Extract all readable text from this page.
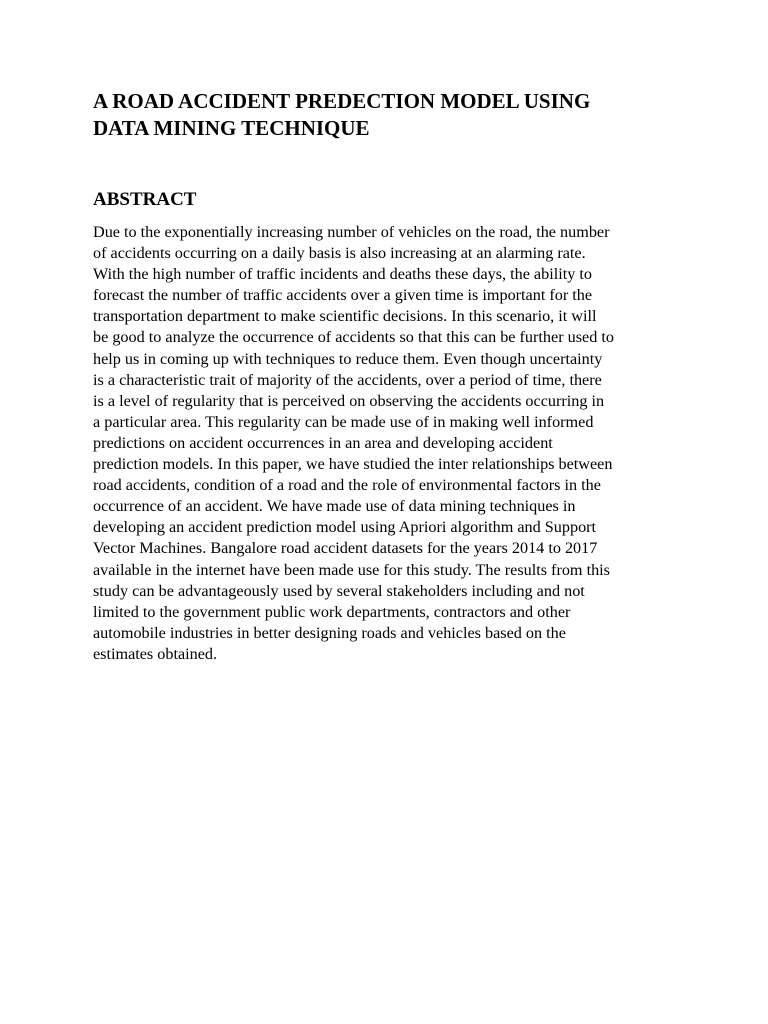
A ROAD ACCIDENT PREDECTION MODEL USING
DATA MINING TECHNIQUE
ABSTRACT

Due to the exponentially increasing number of vehicles on the road, the number
of accidents occurring on a daily basis is also increasing at an alarming rate.
With the high number of traffic incidents and deaths these days, the ability to
forecast the number of traffic accidents over a given time is important for the
transportation department to make scientific decisions. In this scenario, it will
be good to analyze the occurrence of accidents so that this can be further used to
help us in coming up with techniques to reduce them. Even though uncertainty
is a characteristic trait of majority of the accidents, over a period of time, there
is a level of regularity that is perceived on observing the accidents occurring in
a particular area. This regularity can be made use of in making well informed
predictions on accident occurrences in an area and developing accident
prediction models. In this paper, we have studied the inter relationships between
road accidents, condition of a road and the role of environmental factors in the
occurrence of an accident. We have made use of data mining techniques in
developing an accident prediction model using Apriori algorithm and Support
Vector Machines. Bangalore road accident datasets for the years 2014 to 2017
available in the internet have been made use for this study. The results from this
study can be advantageously used by several stakeholders including and not
limited to the government public work departments, contractors and other
automobile industries in better designing roads and vehicles based on the
estimates obtained.
